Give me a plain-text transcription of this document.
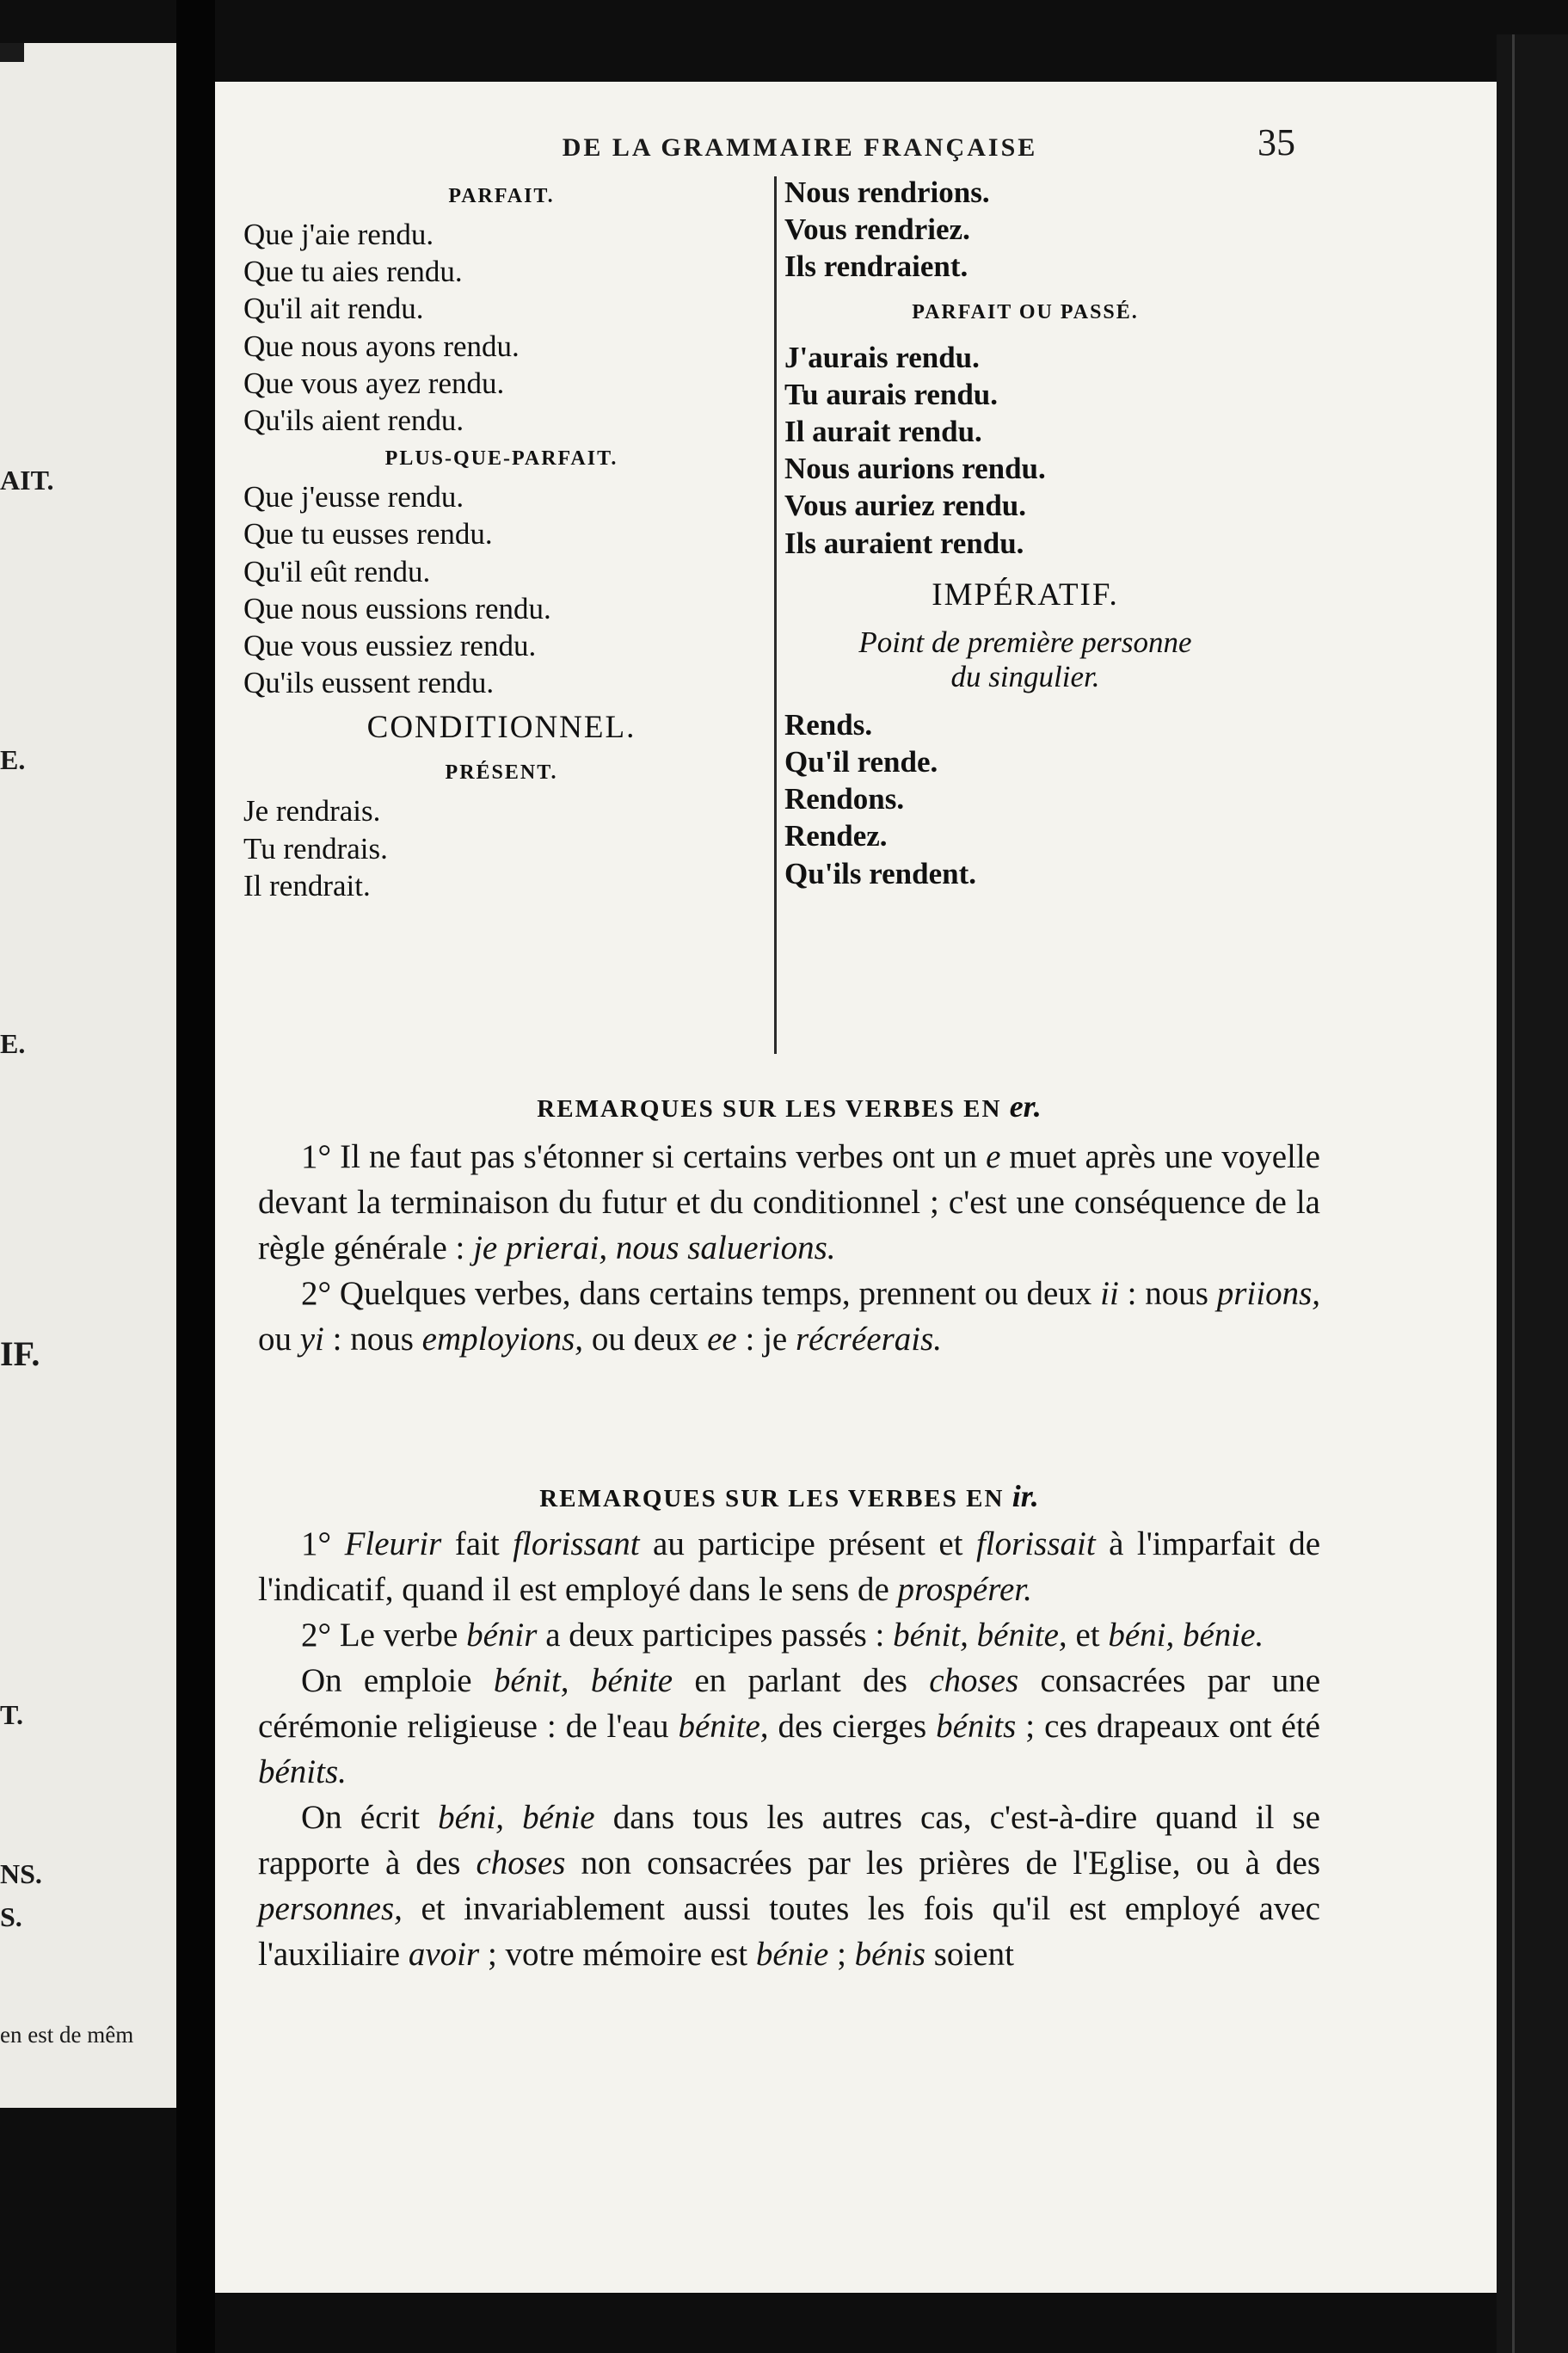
AIT.
E.
E.
IF.
T.
NS.
S.
en est de mêm
DE LA GRAMMAIRE FRANÇAISE	35
PARFAIT.
Que j'aie rendu.
Que tu aies rendu.
Qu'il ait rendu.
Que nous ayons rendu.
Que vous ayez rendu.
Qu'ils aient rendu.
PLUS-QUE-PARFAIT.
Que j'eusse rendu.
Que tu eusses rendu.
Qu'il eût rendu.
Que nous eussions rendu.
Que vous eussiez rendu.
Qu'ils eussent rendu.
CONDITIONNEL.
PRÉSENT.
Je rendrais.
Tu rendrais.
Il rendrait.
Nous rendrions.
Vous rendriez.
Ils rendraient.
PARFAIT OU PASSÉ.
J'aurais rendu.
Tu aurais rendu.
Il aurait rendu.
Nous aurions rendu.
Vous auriez rendu.
Ils auraient rendu.
IMPÉRATIF.
Point de première personne
du singulier.
Rends.
Qu'il rende.
Rendons.
Rendez.
Qu'ils rendent.
REMARQUES SUR LES VERBES EN er.

1° Il ne faut pas s'étonner si certains verbes ont un e muet après une voyelle devant la terminaison du futur et du conditionnel ; c'est une conséquence de la règle générale : je prierai, nous saluerions.

2° Quelques verbes, dans certains temps, prennent ou deux ii : nous priions, ou yi : nous employions, ou deux ee : je récréerais.

REMARQUES SUR LES VERBES EN ir.

1° Fleurir fait florissant au participe présent et florissait à l'imparfait de l'indicatif, quand il est employé dans le sens de prospérer.

2° Le verbe bénir a deux participes passés : bénit, bénite, et béni, bénie.

On emploie bénit, bénite en parlant des choses consacrées par une cérémonie religieuse : de l'eau bénite, des cierges bénits ; ces drapeaux ont été bénits.

On écrit béni, bénie dans tous les autres cas, c'est-à-dire quand il se rapporte à des choses non consacrées par les prières de l'Eglise, ou à des personnes, et invariablement aussi toutes les fois qu'il est employé avec l'auxiliaire avoir ; votre mémoire est bénie ; bénis soient
